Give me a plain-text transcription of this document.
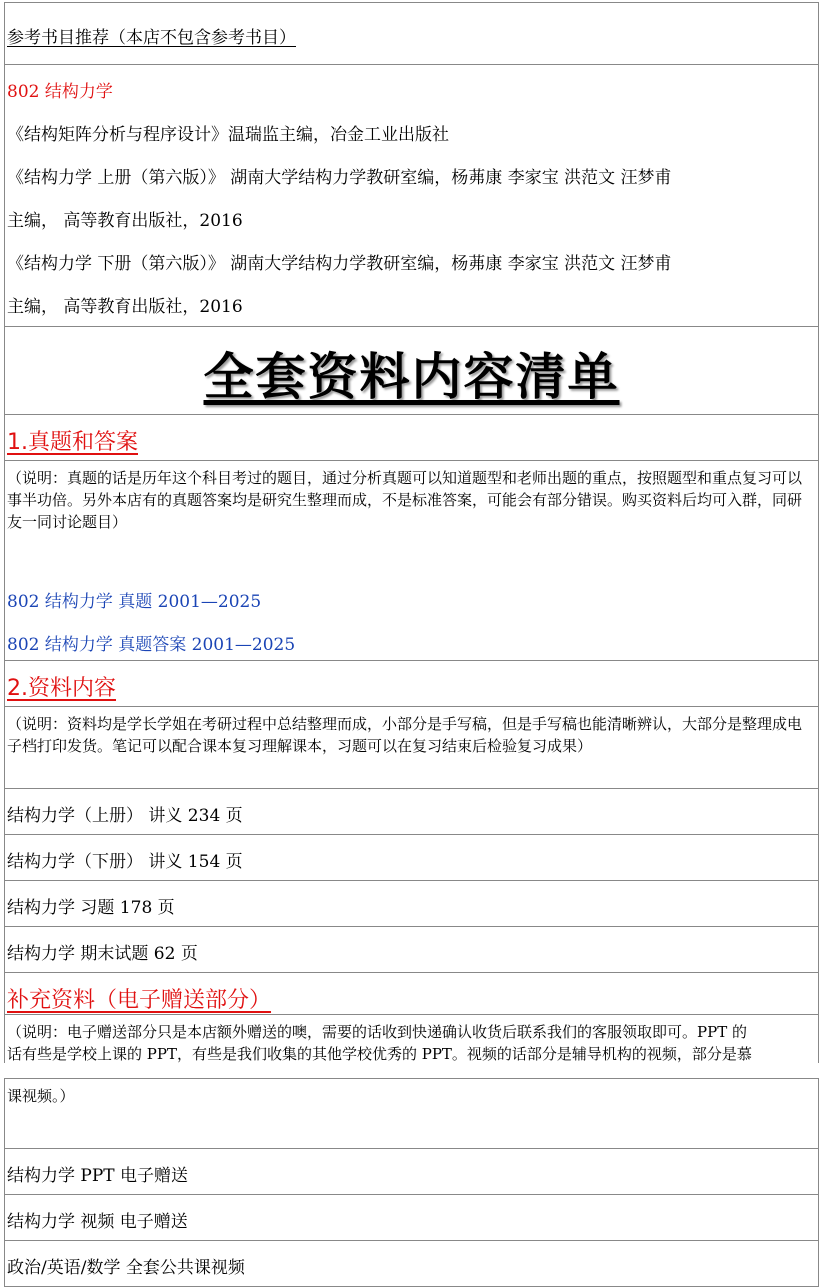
参考书目推荐（本店不包含参考书目）
802 结构力学
《结构矩阵分析与程序设计》温瑞监主编，冶金工业出版社
《结构力学 上册（第六版）》 湖南大学结构力学教研室编，杨茀康 李家宝 洪范文 汪梦甫
主编， 高等教育出版社，2016
《结构力学 下册（第六版）》 湖南大学结构力学教研室编，杨茀康 李家宝 洪范文 汪梦甫
主编， 高等教育出版社，2016
全套资料内容清单
1.真题和答案
（说明：真题的话是历年这个科目考过的题目，通过分析真题可以知道题型和老师出题的重点，按照题型和重点复习可以事半功倍。另外本店有的真题答案均是研究生整理而成，不是标准答案，可能会有部分错误。购买资料后均可入群，同研友一同讨论题目）
802 结构力学 真题 2001—2025
802 结构力学 真题答案 2001—2025
2.资料内容
（说明：资料均是学长学姐在考研过程中总结整理而成，小部分是手写稿，但是手写稿也能清晰辨认，大部分是整理成电子档打印发货。笔记可以配合课本复习理解课本，习题可以在复习结束后检验复习成果）
结构力学（上册） 讲义 234 页
结构力学（下册） 讲义 154 页
结构力学 习题 178 页
结构力学 期末试题 62 页
补充资料（电子赠送部分）
（说明：电子赠送部分只是本店额外赠送的噢，需要的话收到快递确认收货后联系我们的客服领取即可。PPT 的
话有些是学校上课的 PPT，有些是我们收集的其他学校优秀的 PPT。视频的话部分是辅导机构的视频，部分是慕
课视频。）
结构力学 PPT 电子赠送
结构力学 视频 电子赠送
政治/英语/数学 全套公共课视频
